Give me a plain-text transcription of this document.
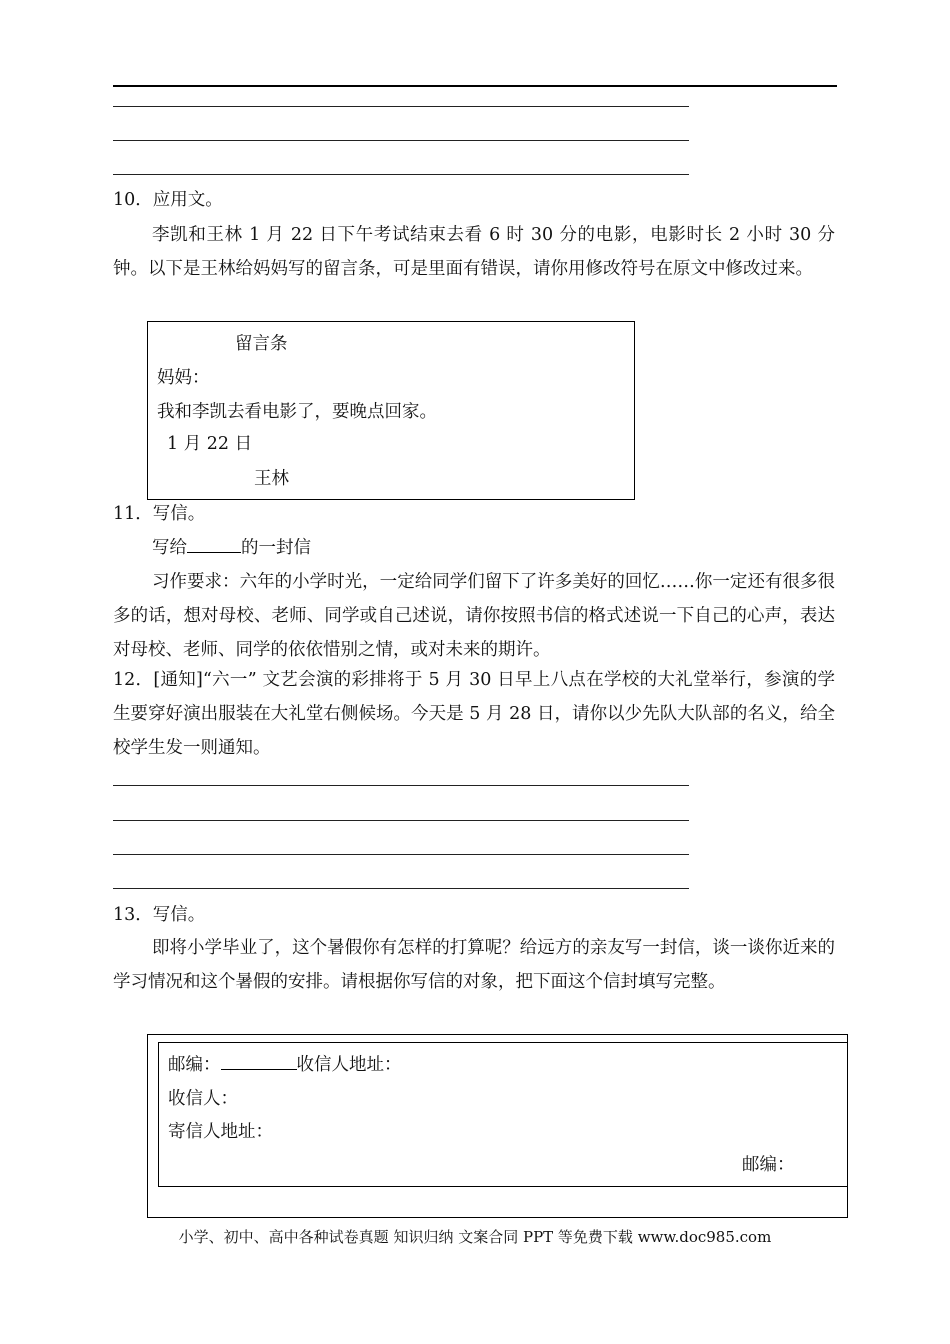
10．应用文。

李凯和王林 1 月 22 日下午考试结束去看 6 时 30 分的电影，电影时长 2 小时 30 分钟。以下是王林给妈妈写的留言条，可是里面有错误，请你用修改符号在原文中修改过来。

留言条
妈妈：
我和李凯去看电影了，要晚点回家。
1 月 22 日
王林
11．写信。
写给	的一封信

习作要求：六年的小学时光，一定给同学们留下了许多美好的回忆……你一定还有很多很多的话，想对母校、老师、同学或自己述说，请你按照书信的格式述说一下自己的心声，表达对母校、老师、同学的依依惜别之情，或对未来的期许。

12．[通知]“六一” 文艺会演的彩排将于 5 月 30 日早上八点在学校的大礼堂举行，参演的学生要穿好演出服装在大礼堂右侧候场。今天是 5 月 28 日，请你以少先队大队部的名义，给全校学生发一则通知。

13．写信。

即将小学毕业了，这个暑假你有怎样的打算呢？给远方的亲友写一封信，谈一谈你近来的学习情况和这个暑假的安排。请根据你写信的对象，把下面这个信封填写完整。

邮编：	收信人地址：
收信人：
寄信人地址：
邮编：
小学、初中、高中各种试卷真题 知识归纳 文案合同 PPT 等免费下载 www.doc985.com
